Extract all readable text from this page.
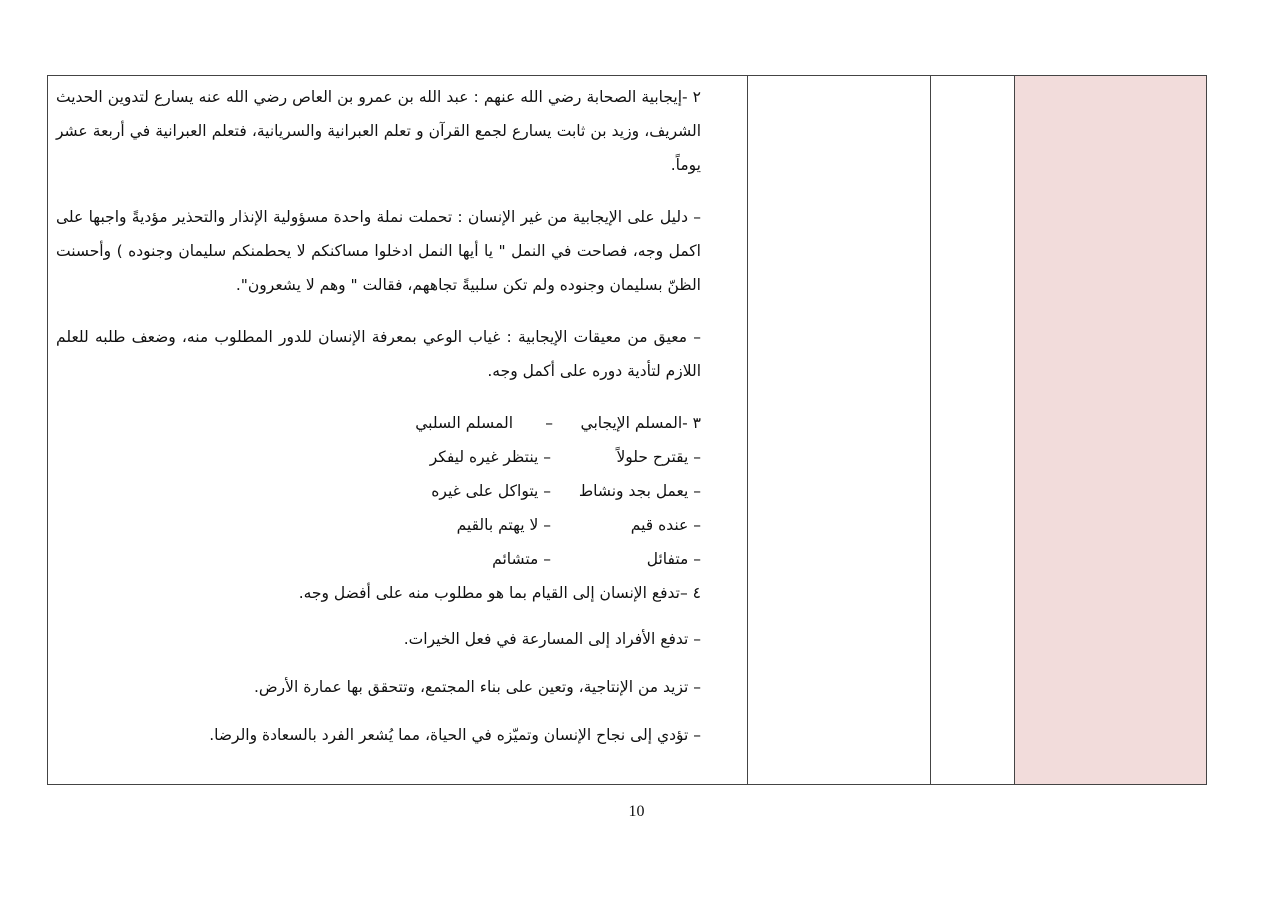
٢ -إيجابية الصحابة رضي الله عنهم : عبد الله بن عمرو بن العاص رضي الله عنه يسارع لتدوين الحديث الشريف، وزيد بن ثابت يسارع لجمع القرآن و تعلم العبرانية والسريانية، فتعلم العبرانية في أربعة عشر يوماً.

– دليل على الإيجابية من غير الإنسان : تحملت نملة واحدة مسؤولية الإنذار والتحذير مؤديةً واجبها على اكمل وجه، فصاحت في النمل " يا أيها النمل ادخلوا مساكنكم لا يحطمنكم سليمان وجنوده ) وأحسنت الظنّ بسليمان وجنوده ولم تكن سلبيةً تجاههم، فقالت " وهم لا يشعرون".

– معيق من معيقات الإيجابية : غياب الوعي بمعرفة الإنسان للدور المطلوب منه، وضعف طلبه للعلم اللازم لتأدية دوره على أكمل وجه.

٣ -المسلم الإيجابي
–
المسلم السلبي
– يقترح حلولاً
– ينتظر غيره ليفكر
– يعمل بجد ونشاط
– يتواكل على غيره
– عنده قيم
– لا يهتم بالقيم
– متفائل
– متشائم

٤ –تدفع الإنسان إلى القيام بما هو مطلوب منه على أفضل وجه.

– تدفع الأفراد إلى المسارعة في فعل الخيرات.

– تزيد من الإنتاجية، وتعين على بناء المجتمع، وتتحقق بها عمارة الأرض.

– تؤدي إلى نجاح الإنسان وتميّزه في الحياة، مما يُشعر الفرد بالسعادة والرضا.

10
